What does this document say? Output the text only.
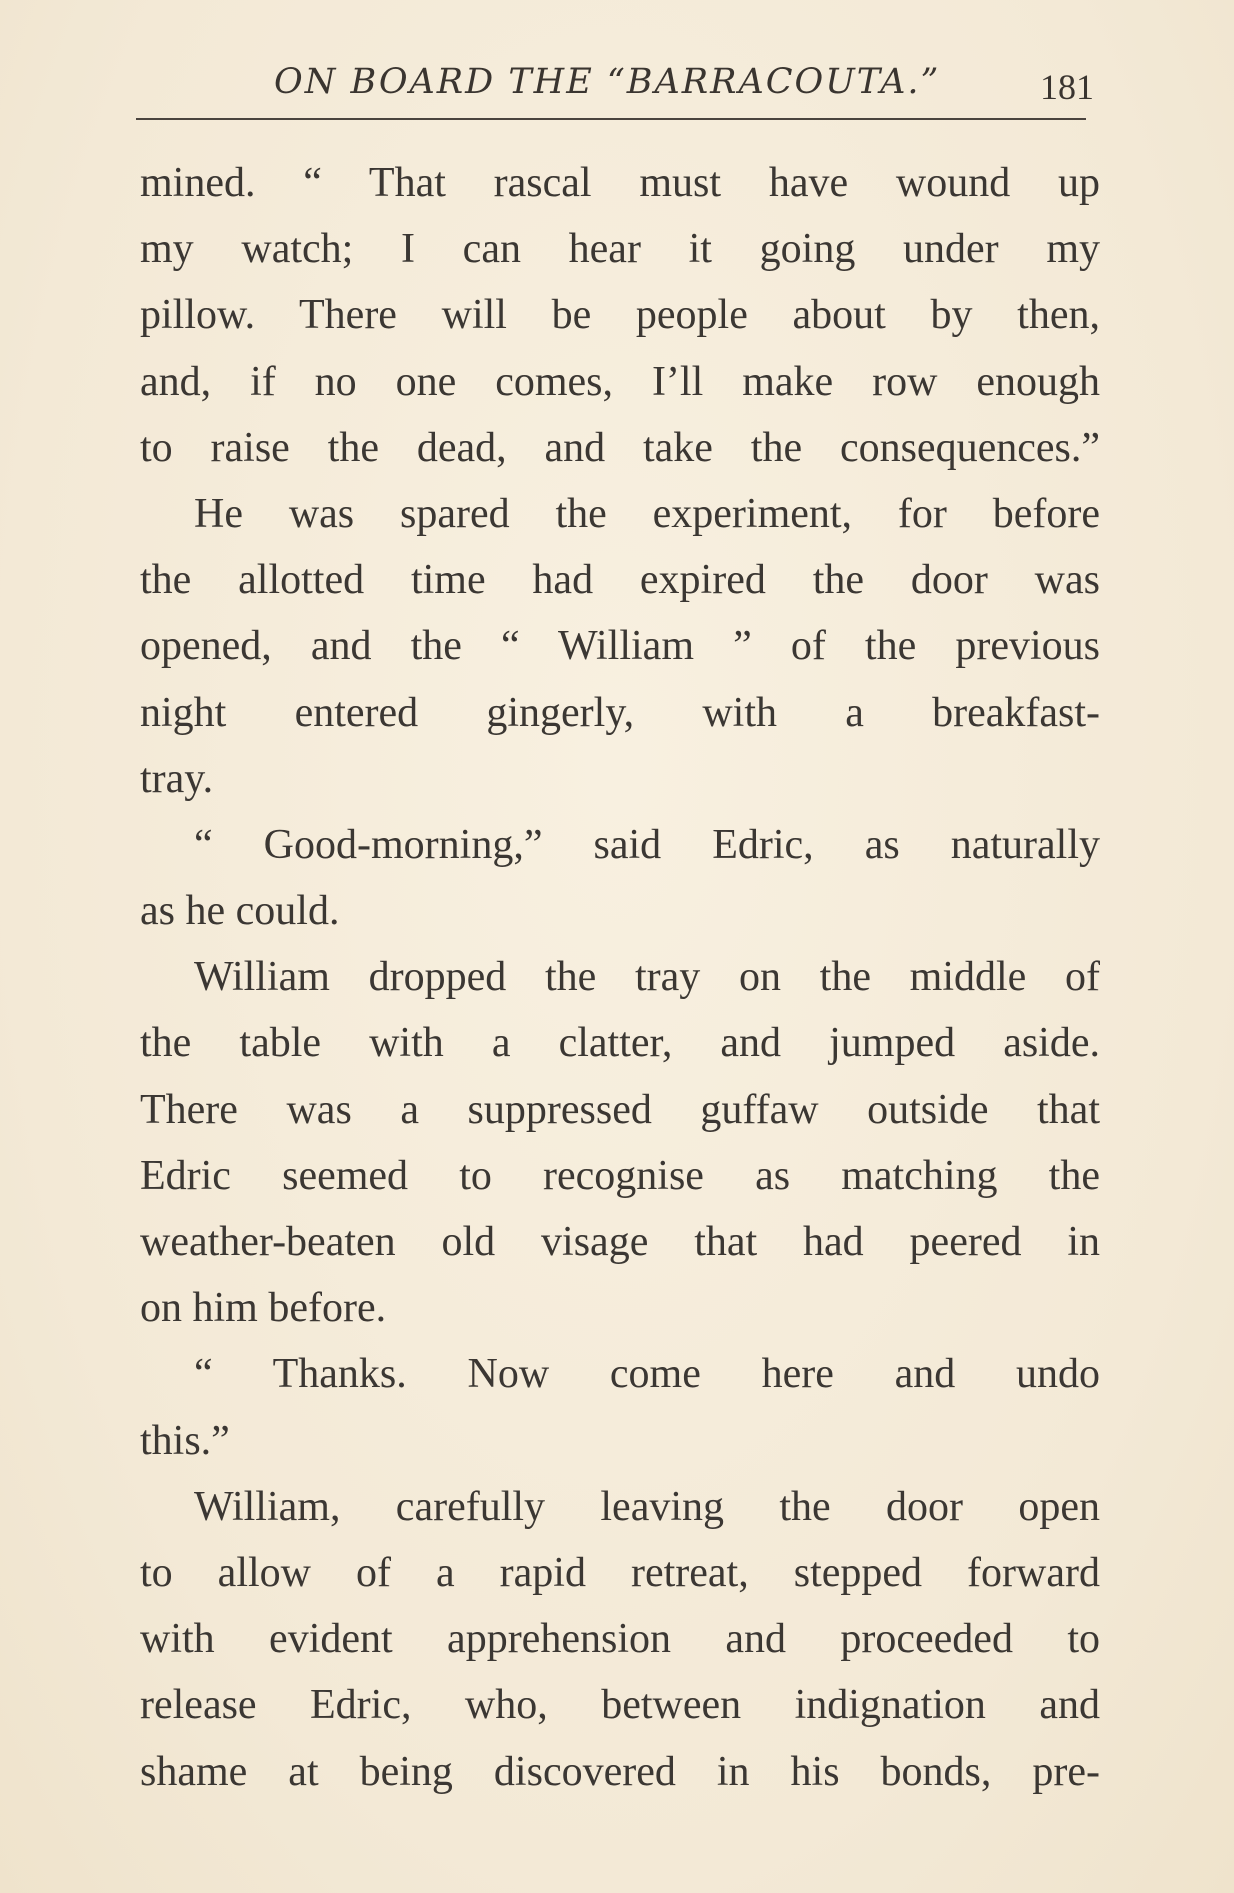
ON BOARD THE “BARRACOUTA.”	181
mined. “ That rascal must have wound up
my watch; I can hear it going under my
pillow. There will be people about by then,
and, if no one comes, I’ll make row enough
to raise the dead, and take the consequences.”
He was spared the experiment, for before
the allotted time had expired the door was
opened, and the “ William ” of the previous
night entered gingerly, with a breakfast-
tray.
“ Good-morning,” said Edric, as naturally
as he could.
William dropped the tray on the middle of
the table with a clatter, and jumped aside.
There was a suppressed guffaw outside that
Edric seemed to recognise as matching the
weather-beaten old visage that had peered in
on him before.
“ Thanks. Now come here and undo
this.”
William, carefully leaving the door open
to allow of a rapid retreat, stepped forward
with evident apprehension and proceeded to
release Edric, who, between indignation and
shame at being discovered in his bonds, pre-
